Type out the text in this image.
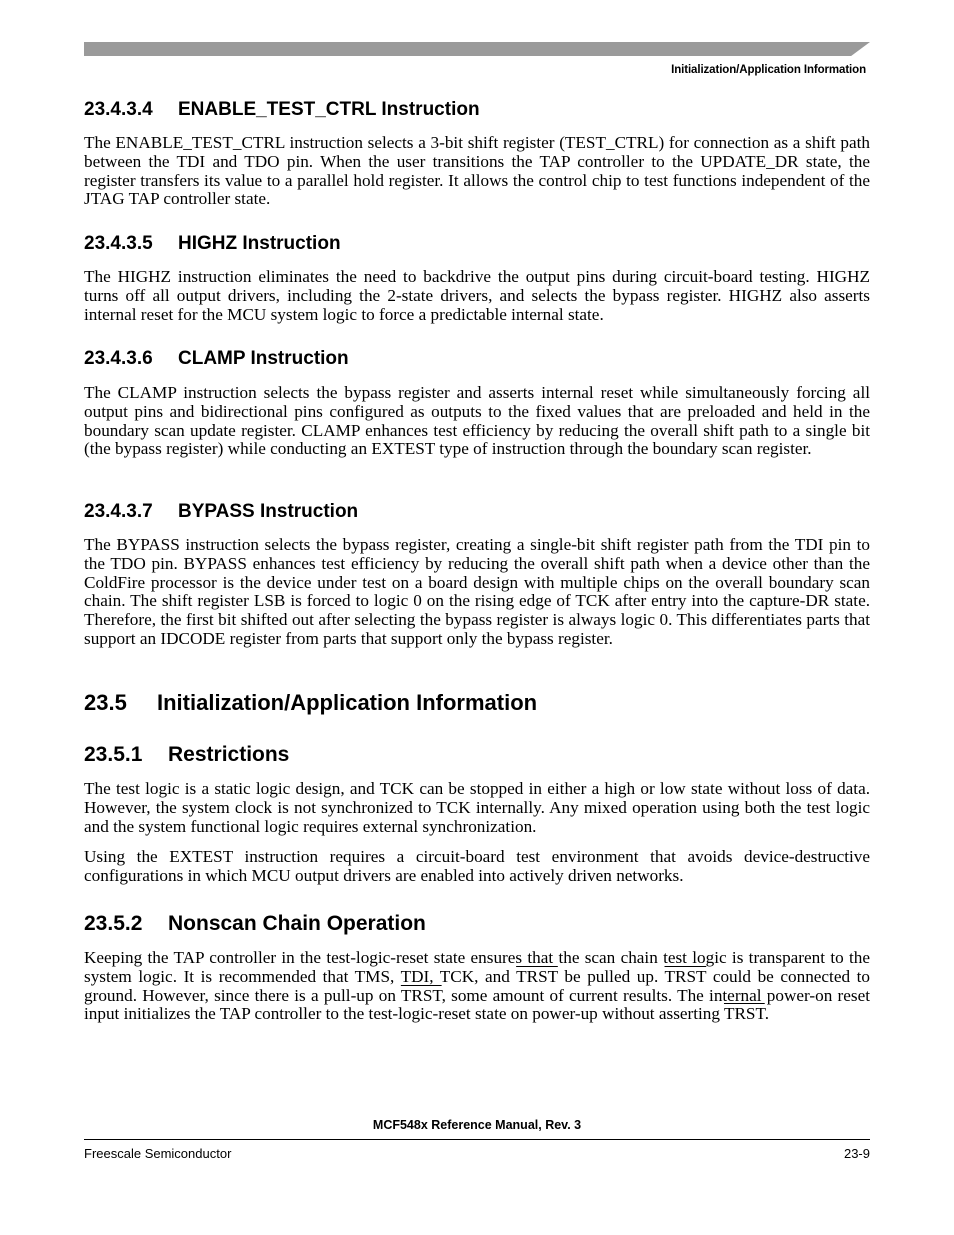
Initialization/Application Information
23.4.3.4 ENABLE_TEST_CTRL Instruction

The ENABLE_TEST_CTRL instruction selects a 3-bit shift register (TEST_CTRL) for connection as a shift path between the TDI and TDO pin. When the user transitions the TAP controller to the UPDATE_DR state, the register transfers its value to a parallel hold register. It allows the control chip to test functions independent of the JTAG TAP controller state.

23.4.3.5 HIGHZ Instruction

The HIGHZ instruction eliminates the need to backdrive the output pins during circuit-board testing. HIGHZ turns off all output drivers, including the 2-state drivers, and selects the bypass register. HIGHZ also asserts internal reset for the MCU system logic to force a predictable internal state.

23.4.3.6 CLAMP Instruction

The CLAMP instruction selects the bypass register and asserts internal reset while simultaneously forcing all output pins and bidirectional pins configured as outputs to the fixed values that are preloaded and held in the boundary scan update register. CLAMP enhances test efficiency by reducing the overall shift path to a single bit (the bypass register) while conducting an EXTEST type of instruction through the boundary scan register.

23.4.3.7 BYPASS Instruction

The BYPASS instruction selects the bypass register, creating a single-bit shift register path from the TDI pin to the TDO pin. BYPASS enhances test efficiency by reducing the overall shift path when a device other than the ColdFire processor is the device under test on a board design with multiple chips on the overall boundary scan chain. The shift register LSB is forced to logic 0 on the rising edge of TCK after entry into the capture-DR state. Therefore, the first bit shifted out after selecting the bypass register is always logic 0. This differentiates parts that support an IDCODE register from parts that support only the bypass register.

23.5 Initialization/Application Information
23.5.1 Restrictions

The test logic is a static logic design, and TCK can be stopped in either a high or low state without loss of data. However, the system clock is not synchronized to TCK internally. Any mixed operation using both the test logic and the system functional logic requires external synchronization.

Using the EXTEST instruction requires a circuit-board test environment that avoids device-destructive configurations in which MCU output drivers are enabled into actively driven networks.

23.5.2 Nonscan Chain Operation

Keeping the TAP controller in the test-logic-reset state ensures that the scan chain test logic is transparent to the system logic. It is recommended that TMS, TDI, TCK, and TRST be pulled up. TRST could be connected to ground. However, since there is a pull-up on TRST, some amount of current results. The internal power-on reset input initializes the TAP controller to the test-logic-reset state on power-up without asserting TRST.

MCF548x Reference Manual, Rev. 3
Freescale Semiconductor	23-9
